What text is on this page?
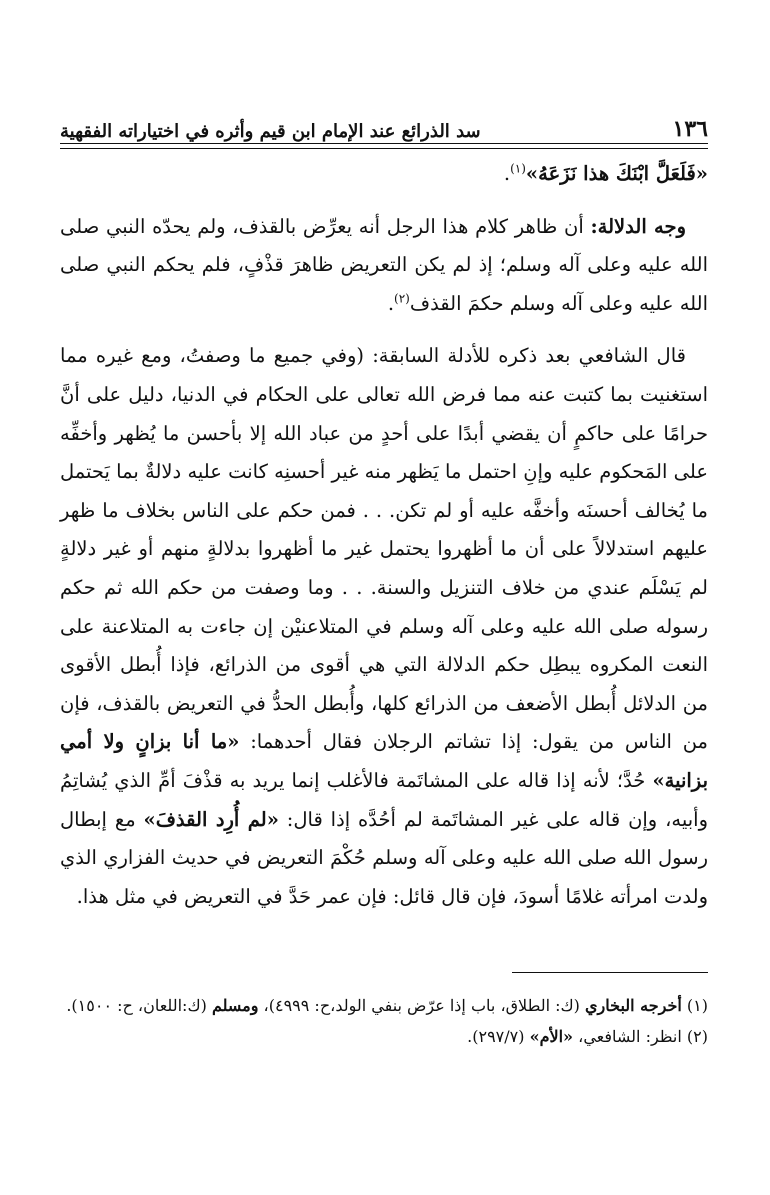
١٣٦
سد الذرائع عند الإمام ابن قيم وأثره في اختياراته الفقهية

«فَلَعَلَّ ابْنَكَ هذا نَزَعَهُ»$^{(١)}$.

وجه الدلالة: أن ظاهر كلام هذا الرجل أنه يعرِّض بالقذف، ولم يحدّه النبي صلى الله عليه وعلى آله وسلم؛ إذ لم يكن التعريض ظاهرَ قذْفٍ، فلم يحكم النبي صلى الله عليه وعلى آله وسلم حكمَ القذف$^{(٢)}$.

قال الشافعي بعد ذكره للأدلة السابقة: (وفي جميع ما وصفتُ، ومع غيره مما استغنيت بما كتبت عنه مما فرض الله تعالى على الحكام في الدنيا، دليل على أنَّ حرامًا على حاكمٍ أن يقضي أبدًا على أحدٍ من عباد الله إلا بأحسن ما يُظهر وأخفِّه على المَحكوم عليه وإنِ احتمل ما يَظهر منه غير أحسنِه كانت عليه دلالةٌ بما يَحتمل ما يُخالف أحسنَه وأخفَّه عليه أو لم تكن. . . فمن حكم على الناس بخلاف ما ظهر عليهم استدلالاً على أن ما أظهروا يحتمل غير ما أظهروا بدلالةٍ منهم أو غير دلالةٍ لم يَسْلَم عندي من خلاف التنزيل والسنة. . . وما وصفت من حكم الله ثم حكم رسوله صلى الله عليه وعلى آله وسلم في المتلاعنيْن إن جاءت به المتلاعنة على النعت المكروه يبطِل حكم الدلالة التي هي أقوى من الذرائع، فإذا أُبطل الأقوى من الدلائل أُبطل الأضعف من الذرائع كلها، وأُبطل الحدُّ في التعريض بالقذف، فإن من الناس من يقول: إذا تشاتم الرجلان فقال أحدهما: «ما أنا بزانٍ ولا أمي بزانية» حُدَّ؛ لأنه إذا قاله على المشاتَمة فالأغلب إنما يريد به قذْفَ أمِّ الذي يُشاتِمُ وأبيه، وإن قاله على غير المشاتَمة لم أحُدَّه إذا قال: «لم أُرِد القذفَ» مع إبطال رسول الله صلى الله عليه وعلى آله وسلم حُكْمَ التعريض في حديث الفزاري الذي ولدت امرأته غلامًا أسودَ، فإن قال قائل: فإن عمر حَدَّ في التعريض في مثل هذا.

(١) أخرجه البخاري (ك: الطلاق، باب إذا عرّض بنفي الولد،ح: ٤٩٩٩)، ومسلم (ك:اللعان، ح: ١٥٠٠).

(٢) انظر: الشافعي، «الأم» (٢٩٧/٧).
